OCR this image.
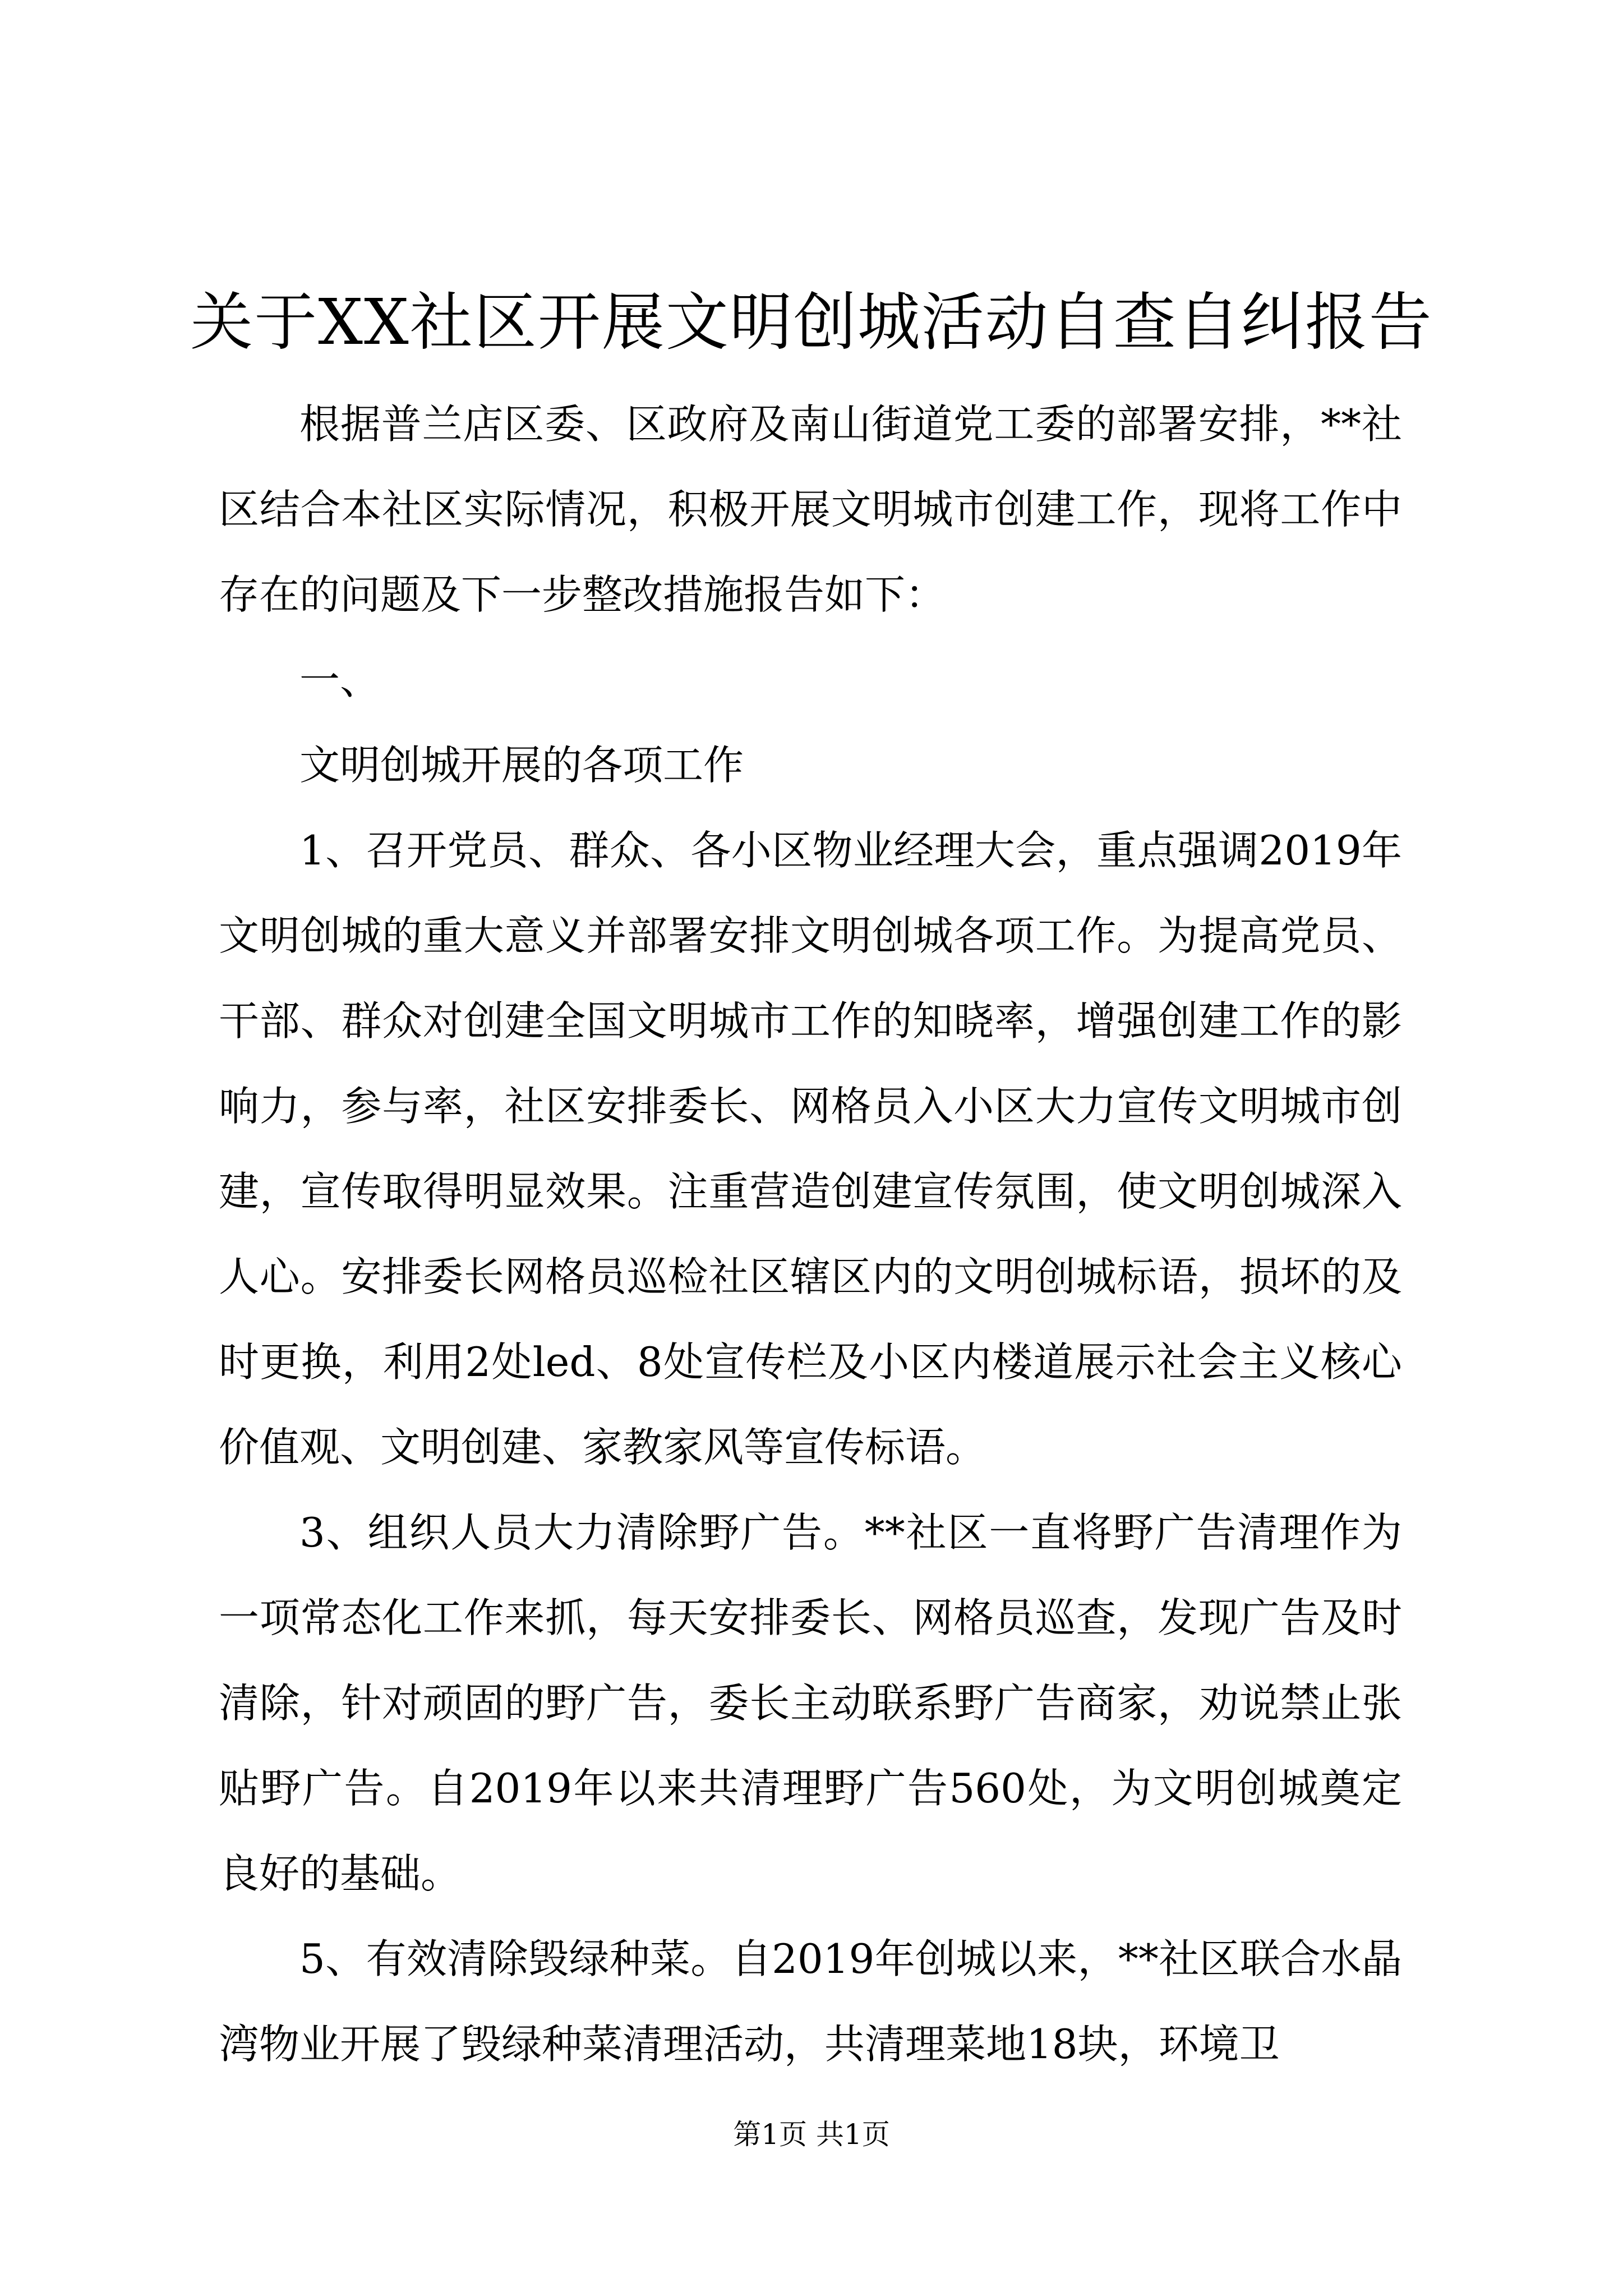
关于XX社区开展文明创城活动自查自纠报告

根据普兰店区委、区政府及南山街道党工委的部署安排，**社区结合本社区实际情况，积极开展文明城市创建工作，现将工作中存在的问题及下一步整改措施报告如下：

一、

文明创城开展的各项工作

1、召开党员、群众、各小区物业经理大会，重点强调2019年文明创城的重大意义并部署安排文明创城各项工作。为提高党员、干部、群众对创建全国文明城市工作的知晓率，增强创建工作的影响力，参与率，社区安排委长、网格员入小区大力宣传文明城市创建，宣传取得明显效果。注重营造创建宣传氛围，使文明创城深入人心。安排委长网格员巡检社区辖区内的文明创城标语，损坏的及时更换，利用2处led、8处宣传栏及小区内楼道展示社会主义核心价值观、文明创建、家教家风等宣传标语。

3、组织人员大力清除野广告。**社区一直将野广告清理作为一项常态化工作来抓，每天安排委长、网格员巡查，发现广告及时清除，针对顽固的野广告，委长主动联系野广告商家，劝说禁止张贴野广告。自2019年以来共清理野广告560处，为文明创城奠定良好的基础。

5、有效清除毁绿种菜。自2019年创城以来，**社区联合水晶湾物业开展了毁绿种菜清理活动，共清理菜地18块，环境卫

第1页 共1页
